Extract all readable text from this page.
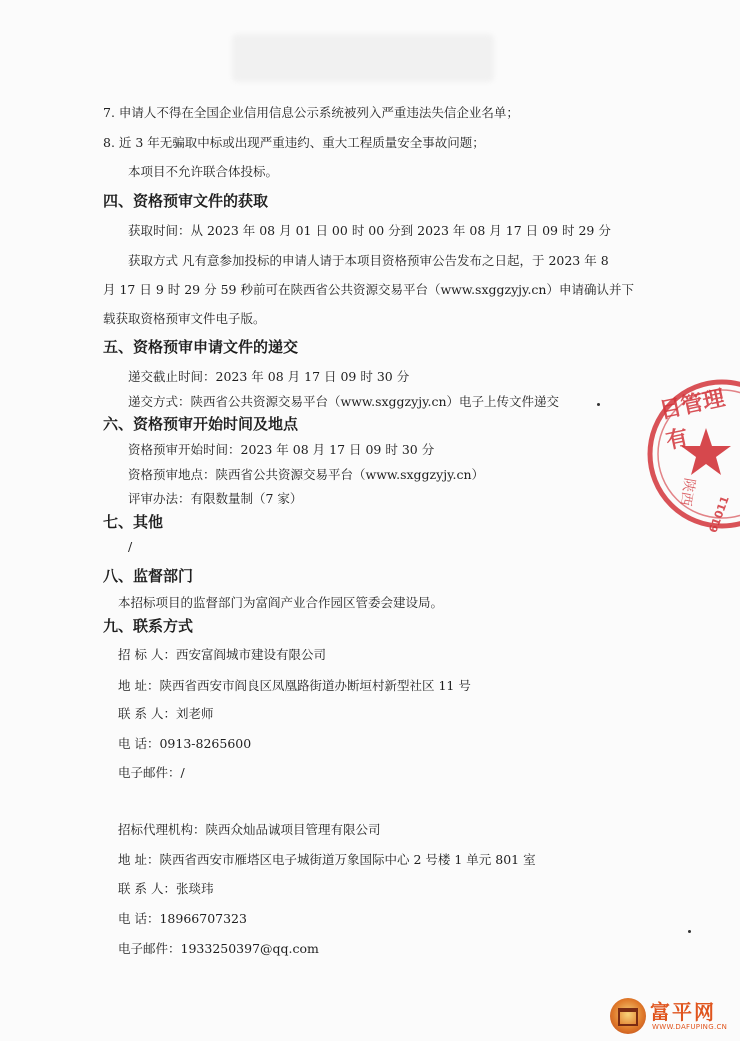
7. 申请人不得在全国企业信用信息公示系统被列入严重违法失信企业名单；
8. 近 3 年无骗取中标或出现严重违约、重大工程质量安全事故问题；
本项目不允许联合体投标。
四、资格预审文件的获取
获取时间：从 2023 年 08 月 01 日 00 时 00 分到 2023 年 08 月 17 日 09 时 29 分
获取方式 凡有意参加投标的申请人请于本项目资格预审公告发布之日起，于 2023 年 8
月 17 日 9 时 29 分 59 秒前可在陕西省公共资源交易平台（www.sxggzyjy.cn）申请确认并下
载获取资格预审文件电子版。
五、资格预审申请文件的递交
递交截止时间：2023 年 08 月 17 日 09 时 30 分
递交方式：陕西省公共资源交易平台（www.sxggzyjy.cn）电子上传文件递交
六、资格预审开始时间及地点
资格预审开始时间：2023 年 08 月 17 日 09 时 30 分
资格预审地点：陕西省公共资源交易平台（www.sxggzyjy.cn）
评审办法：有限数量制（7 家）
七、其他
/
八、监督部门
本招标项目的监督部门为富阎产业合作园区管委会建设局。
九、联系方式
招 标 人：西安富阎城市建设有限公司
地 址：陕西省西安市阎良区凤凰路街道办断垣村新型社区 11 号
联 系 人：刘老师
电 话：0913-8265600
电子邮件：/
招标代理机构：陕西众灿品诚项目管理有限公司
地 址：陕西省西安市雁塔区电子城街道万象国际中心 2 号楼 1 单元 801 室
联 系 人：张琰玮
电 话：18966707323
电子邮件：1933250397@qq.com
目管理有
陕西
61011
富平网
WWW.DAFUPING.CN
